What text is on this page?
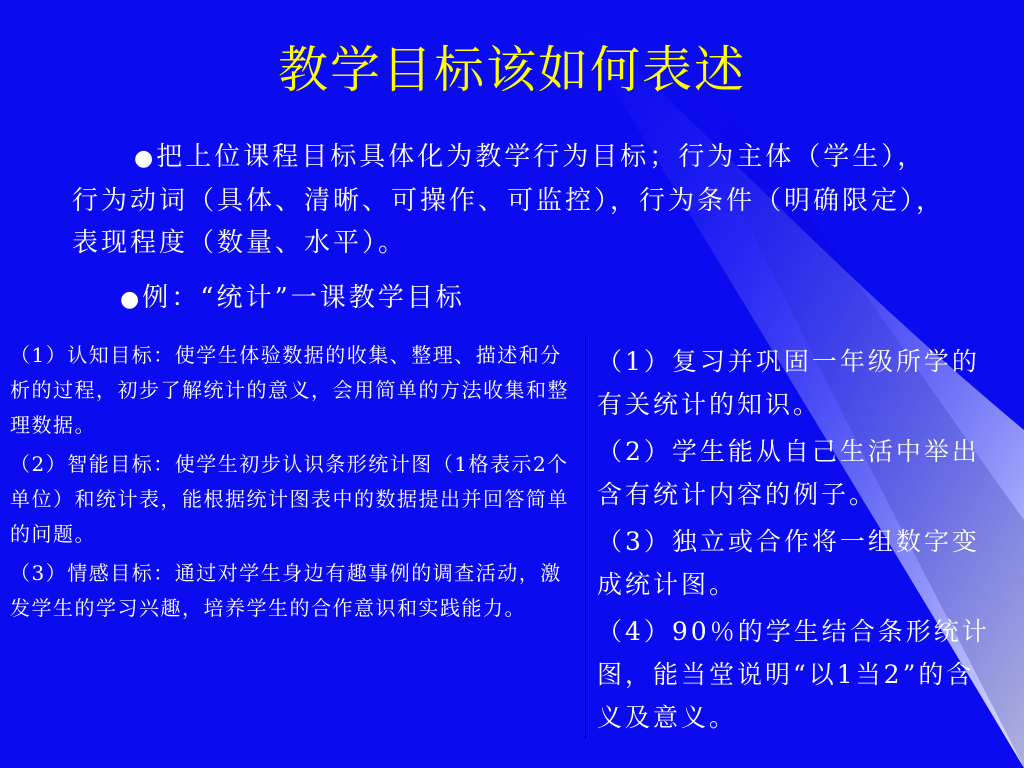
教学目标该如何表述
●把上位课程目标具体化为教学行为目标；行为主体（学生），行为动词（具体、清晰、可操作、可监控），行为条件（明确限定），表现程度（数量、水平）。
●例：“统计”一课教学目标

（1）认知目标：使学生体验数据的收集、整理、描述和分析的过程，初步了解统计的意义，会用简单的方法收集和整理数据。

（2）智能目标：使学生初步认识条形统计图（1格表示2个单位）和统计表，能根据统计图表中的数据提出并回答简单的问题。

（3）情感目标：通过对学生身边有趣事例的调查活动，激发学生的学习兴趣，培养学生的合作意识和实践能力。

（1）复习并巩固一年级所学的有关统计的知识。

（2）学生能从自己生活中举出含有统计内容的例子。

（3）独立或合作将一组数字变成统计图。

（4）90％的学生结合条形统计图，能当堂说明“以1当2”的含义及意义。
